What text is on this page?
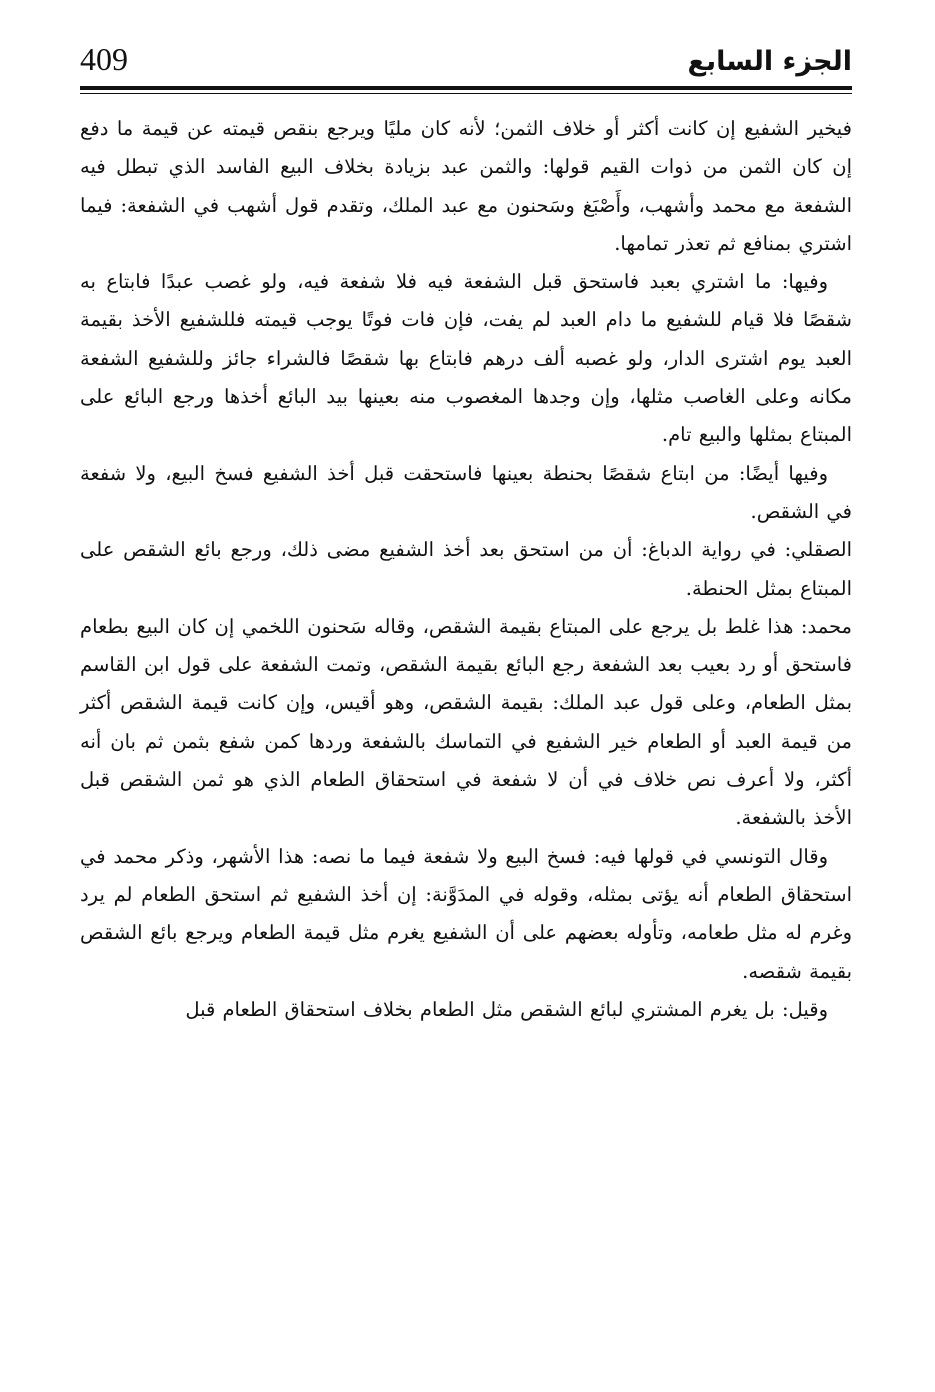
الجزء السابع
409

فيخير الشفيع إن كانت أكثر أو خلاف الثمن؛ لأنه كان مليًا ويرجع بنقص قيمته عن قيمة ما دفع إن كان الثمن من ذوات القيم قولها: والثمن عبد بزيادة بخلاف البيع الفاسد الذي تبطل فيه الشفعة مع محمد وأشهب، وأَصْبَغ وسَحنون مع عبد الملك، وتقدم قول أشهب في الشفعة: فيما اشتري بمنافع ثم تعذر تمامها.

وفيها: ما اشتري بعبد فاستحق قبل الشفعة فيه فلا شفعة فيه، ولو غصب عبدًا فابتاع به شقصًا فلا قيام للشفيع ما دام العبد لم يفت، فإن فات فوتًا يوجب قيمته فللشفيع الأخذ بقيمة العبد يوم اشترى الدار، ولو غصبه ألف درهم فابتاع بها شقصًا فالشراء جائز وللشفيع الشفعة مكانه وعلى الغاصب مثلها، وإن وجدها المغصوب منه بعينها بيد البائع أخذها ورجع البائع على المبتاع بمثلها والبيع تام.

وفيها أيضًا: من ابتاع شقصًا بحنطة بعينها فاستحقت قبل أخذ الشفيع فسخ البيع، ولا شفعة في الشقص.

الصقلي: في رواية الدباغ: أن من استحق بعد أخذ الشفيع مضى ذلك، ورجع بائع الشقص على المبتاع بمثل الحنطة.

محمد: هذا غلط بل يرجع على المبتاع بقيمة الشقص، وقاله سَحنون اللخمي إن كان البيع بطعام فاستحق أو رد بعيب بعد الشفعة رجع البائع بقيمة الشقص، وتمت الشفعة على قول ابن القاسم بمثل الطعام، وعلى قول عبد الملك: بقيمة الشقص، وهو أقيس، وإن كانت قيمة الشقص أكثر من قيمة العبد أو الطعام خير الشفيع في التماسك بالشفعة وردها كمن شفع بثمن ثم بان أنه أكثر، ولا أعرف نص خلاف في أن لا شفعة في استحقاق الطعام الذي هو ثمن الشقص قبل الأخذ بالشفعة.

وقال التونسي في قولها فيه: فسخ البيع ولا شفعة فيما ما نصه: هذا الأشهر، وذكر محمد في استحقاق الطعام أنه يؤتى بمثله، وقوله في المدَوَّنة: إن أخذ الشفيع ثم استحق الطعام لم يرد وغرم له مثل طعامه، وتأوله بعضهم على أن الشفيع يغرم مثل قيمة الطعام ويرجع بائع الشقص بقيمة شقصه.

وقيل: بل يغرم المشتري لبائع الشقص مثل الطعام بخلاف استحقاق الطعام قبل
